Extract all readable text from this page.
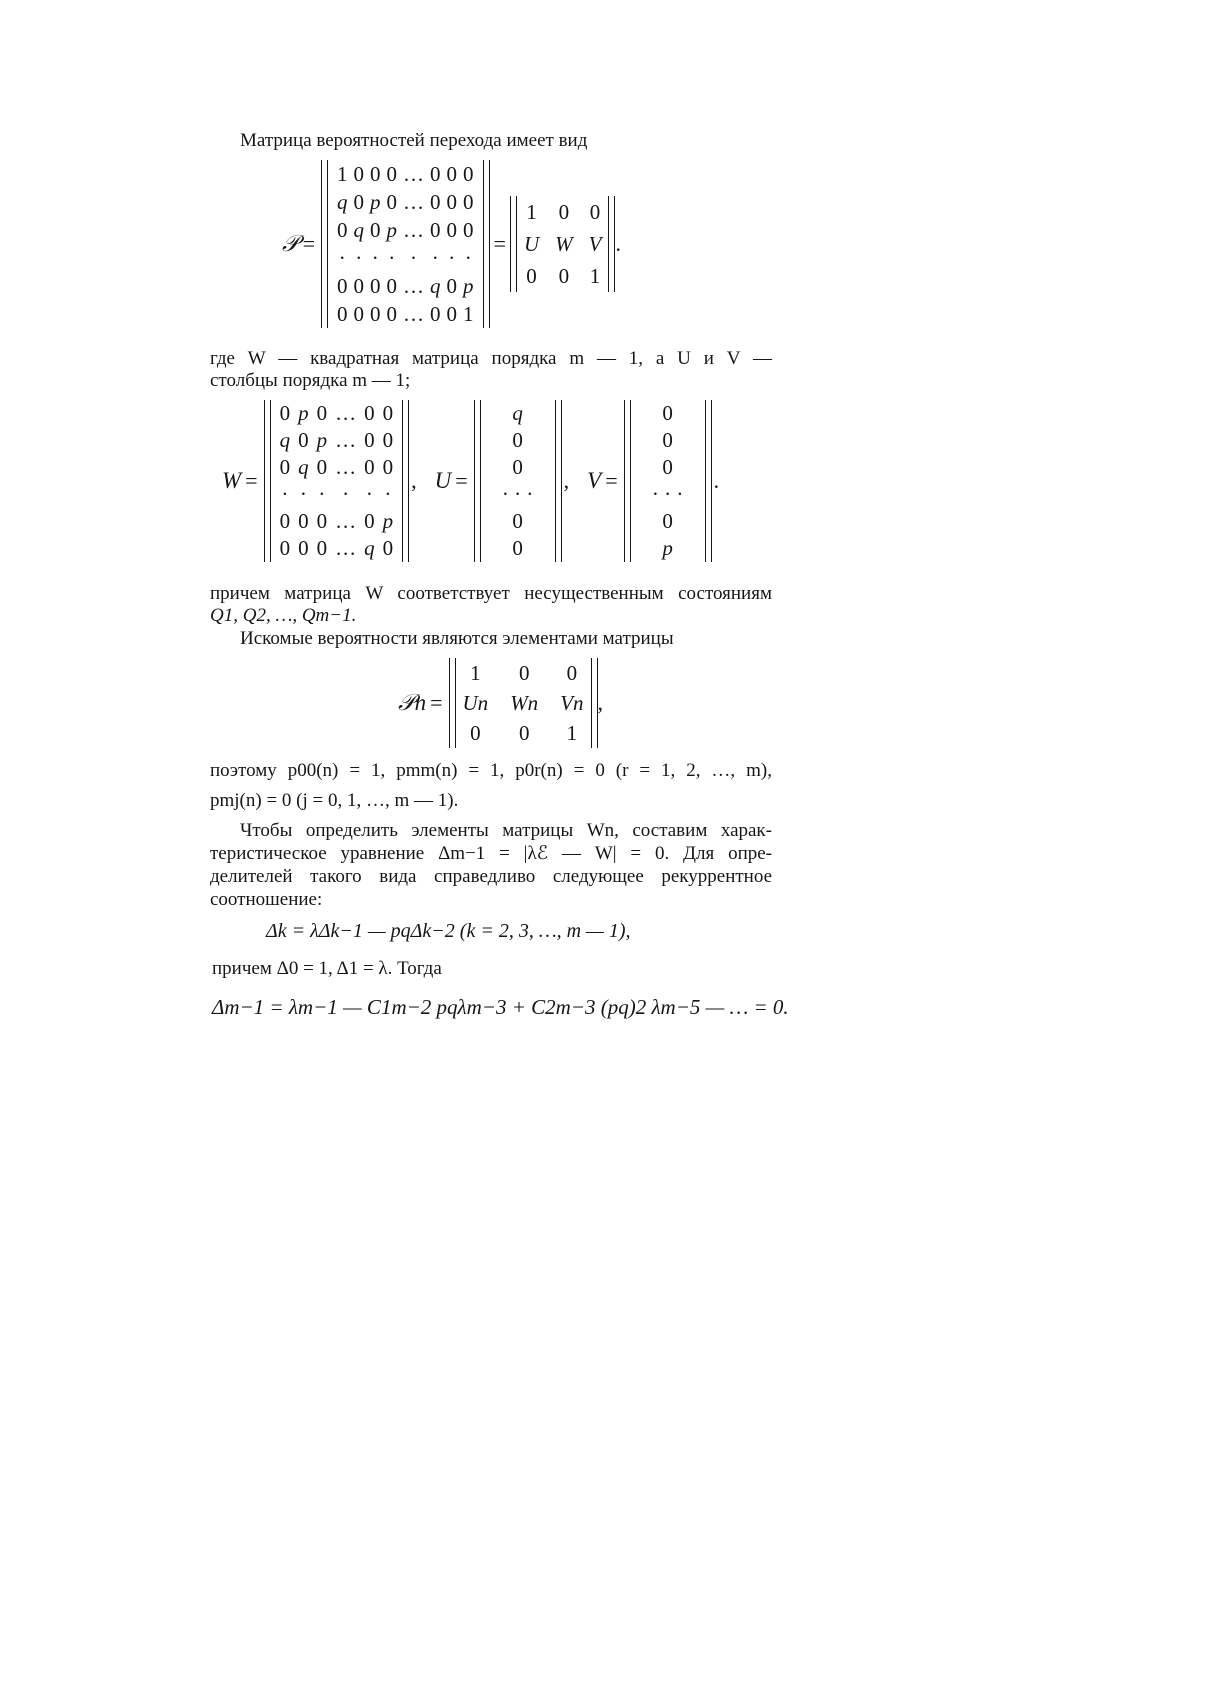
Матрица вероятностей перехода имеет вид
𝒫 =
1 0 0 0 … 0 0 0
q 0 p 0 … 0 0 0
0 q 0 p … 0 0 0
· · · · · · · ·
0 0 0 0 … q 0 p
0 0 0 0 … 0 0 1
=
1 0 0
U W V
0 0 1
.
где W — квадратная матрица порядка m — 1, а U и V —
столбцы порядка m — 1;
W =
0 p 0 … 0 0
q 0 p … 0 0
0 q 0 … 0 0
· · · · · ·
0 0 0 … 0 p
0 0 0 … q 0
, U =
q
0
0
· · ·
0
0
, V =
0
0
0
· · ·
0
p
.
причем матрица W соответствует несущественным состояниям
Q1, Q2, …, Qm−1.
Искомые вероятности являются элементами матрицы
𝒫n =
1	0	0
Un Wn Vn
0	0	1
,
поэтому p00(n) = 1, pmm(n) = 1, p0r(n) = 0 (r = 1, 2, …, m),
pmj(n) = 0 (j = 0, 1, …, m — 1).
Чтобы определить элементы матрицы Wn, составим харак-
теристическое уравнение Δm−1 = |λℰ — W| = 0. Для опре-
делителей такого вида справедливо следующее рекуррентное
соотношение:
Δk = λΔk−1 — pqΔk−2 (k = 2, 3, …, m — 1),
причем Δ0 = 1, Δ1 = λ. Тогда
Δm−1 = λm−1 — C1m−2 pqλm−3 + C2m−3 (pq)2 λm−5 — … = 0.
